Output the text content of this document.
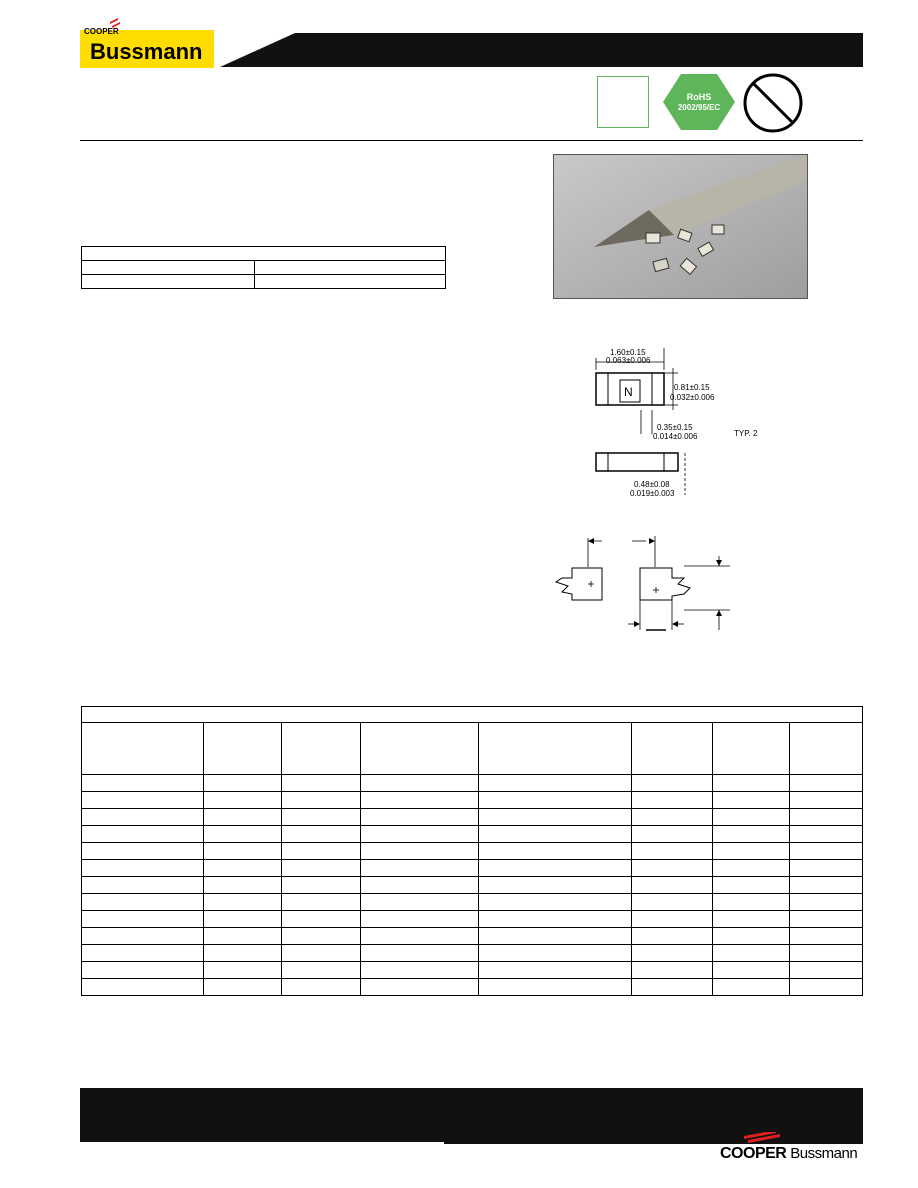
COOPER
Bussmann
RoHS
2002/95/EC

N
1.60±0.15
0.063±0.006
0.81±0.15
0.032±0.006
0.35±0.15
0.014±0.006	TYP. 2
0.48±0.08
0.019±0.003

COOPER Bussmann
